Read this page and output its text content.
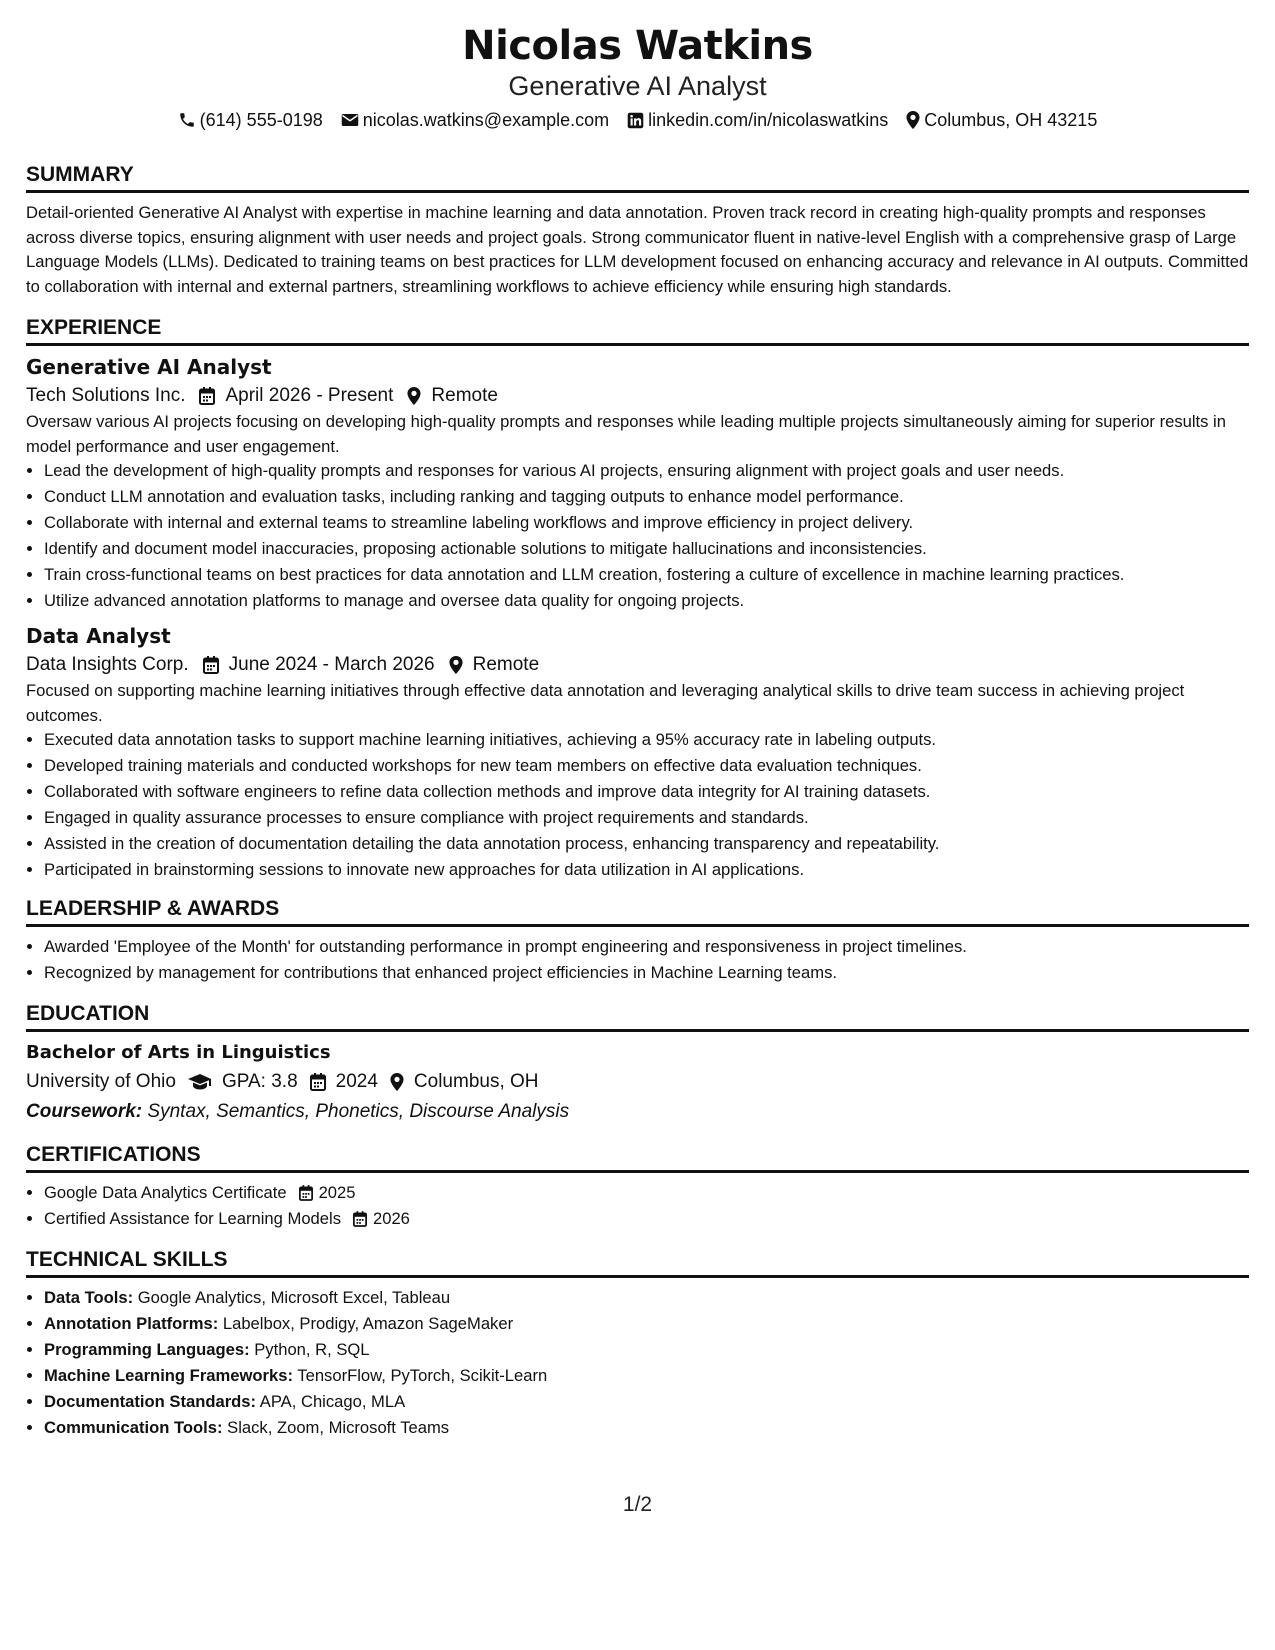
Nicolas Watkins
Generative AI Analyst
(614) 555-0198 nicolas.watkins@example.com linkedin.com/in/nicolaswatkins Columbus, OH 43215
SUMMARY

Detail-oriented Generative AI Analyst with expertise in machine learning and data annotation. Proven track record in creating high-quality prompts and responses across diverse topics, ensuring alignment with user needs and project goals. Strong communicator fluent in native-level English with a comprehensive grasp of Large Language Models (LLMs). Dedicated to training teams on best practices for LLM development focused on enhancing accuracy and relevance in AI outputs. Committed to collaboration with internal and external partners, streamlining workflows to achieve efficiency while ensuring high standards.

EXPERIENCE
Generative AI Analyst
Tech Solutions Inc. April 2026 - Present Remote

Oversaw various AI projects focusing on developing high-quality prompts and responses while leading multiple projects simultaneously aiming for superior results in model performance and user engagement.

• Lead the development of high-quality prompts and responses for various AI projects, ensuring alignment with project goals and user needs.
• Conduct LLM annotation and evaluation tasks, including ranking and tagging outputs to enhance model performance.
• Collaborate with internal and external teams to streamline labeling workflows and improve efficiency in project delivery.
• Identify and document model inaccuracies, proposing actionable solutions to mitigate hallucinations and inconsistencies.
• Train cross-functional teams on best practices for data annotation and LLM creation, fostering a culture of excellence in machine learning practices.
• Utilize advanced annotation platforms to manage and oversee data quality for ongoing projects.
Data Analyst
Data Insights Corp. June 2024 - March 2026 Remote

Focused on supporting machine learning initiatives through effective data annotation and leveraging analytical skills to drive team success in achieving project outcomes.

• Executed data annotation tasks to support machine learning initiatives, achieving a 95% accuracy rate in labeling outputs.
• Developed training materials and conducted workshops for new team members on effective data evaluation techniques.
• Collaborated with software engineers to refine data collection methods and improve data integrity for AI training datasets.
• Engaged in quality assurance processes to ensure compliance with project requirements and standards.
• Assisted in the creation of documentation detailing the data annotation process, enhancing transparency and repeatability.
• Participated in brainstorming sessions to innovate new approaches for data utilization in AI applications.
LEADERSHIP & AWARDS
• Awarded 'Employee of the Month' for outstanding performance in prompt engineering and responsiveness in project timelines.
• Recognized by management for contributions that enhanced project efficiencies in Machine Learning teams.
EDUCATION
Bachelor of Arts in Linguistics
University of Ohio GPA: 3.8 2024 Columbus, OH
Coursework: Syntax, Semantics, Phonetics, Discourse Analysis
CERTIFICATIONS
• Google Data Analytics Certificate 2025
• Certified Assistance for Learning Models 2026
TECHNICAL SKILLS
• Data Tools: Google Analytics, Microsoft Excel, Tableau
• Annotation Platforms: Labelbox, Prodigy, Amazon SageMaker
• Programming Languages: Python, R, SQL
• Machine Learning Frameworks: TensorFlow, PyTorch, Scikit-Learn
• Documentation Standards: APA, Chicago, MLA
• Communication Tools: Slack, Zoom, Microsoft Teams
1/2
